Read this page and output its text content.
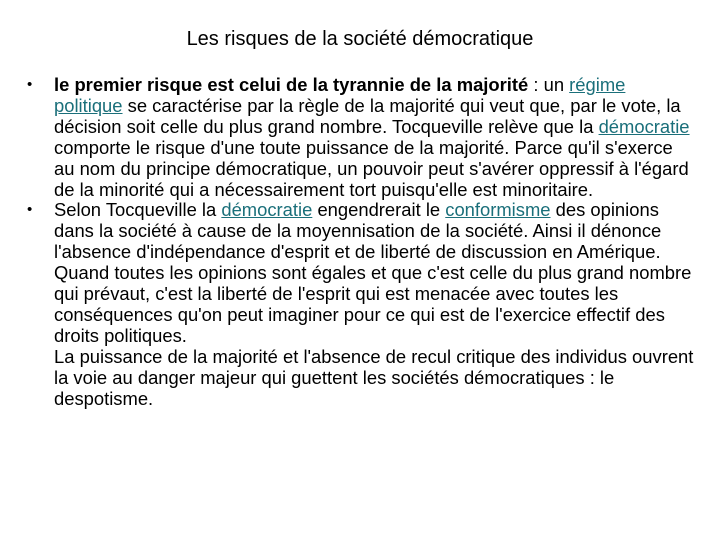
Les risques de la société démocratique
• le premier risque est celui de la tyrannie de la majorité : un régime politique se caractérise par la règle de la majorité qui veut que, par le vote, la décision soit celle du plus grand nombre. Tocqueville relève que la démocratie comporte le risque d'une toute puissance de la majorité. Parce qu'il s'exerce au nom du principe démocratique, un pouvoir peut s'avérer oppressif à l'égard de la minorité qui a nécessairement tort puisqu'elle est minoritaire.
• Selon Tocqueville la démocratie engendrerait le conformisme des opinions dans la société à cause de la moyennisation de la société. Ainsi il dénonce l'absence d'indépendance d'esprit et de liberté de discussion en Amérique. Quand toutes les opinions sont égales et que c'est celle du plus grand nombre qui prévaut, c'est la liberté de l'esprit qui est menacée avec toutes les conséquences qu'on peut imaginer pour ce qui est de l'exercice effectif des droits politiques.
La puissance de la majorité et l'absence de recul critique des individus ouvrent la voie au danger majeur qui guettent les sociétés démocratiques : le despotisme.
